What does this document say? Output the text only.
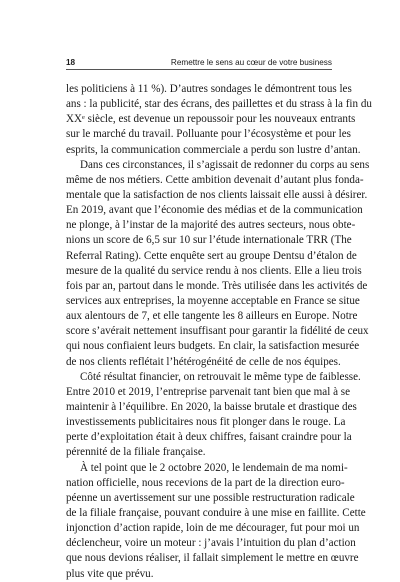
18	Remettre le sens au cœur de votre business
les politiciens à 11 %). D’autres sondages le démontrent tous les
ans : la publicité, star des écrans, des paillettes et du strass à la fin du
XXᵉ siècle, est devenue un repoussoir pour les nouveaux entrants
sur le marché du travail. Polluante pour l’écosystème et pour les
esprits, la communication commerciale a perdu son lustre d’antan.
Dans ces circonstances, il s’agissait de redonner du corps au sens
même de nos métiers. Cette ambition devenait d’autant plus fonda-
mentale que la satisfaction de nos clients laissait elle aussi à désirer.
En 2019, avant que l’économie des médias et de la communication
ne plonge, à l’instar de la majorité des autres secteurs, nous obte-
nions un score de 6,5 sur 10 sur l’étude internationale TRR (The
Referral Rating). Cette enquête sert au groupe Dentsu d’étalon de
mesure de la qualité du service rendu à nos clients. Elle a lieu trois
fois par an, partout dans le monde. Très utilisée dans les activités de
services aux entreprises, la moyenne acceptable en France se situe
aux alentours de 7, et elle tangente les 8 ailleurs en Europe. Notre
score s’avérait nettement insuffisant pour garantir la fidélité de ceux
qui nous confiaient leurs budgets. En clair, la satisfaction mesurée
de nos clients reflétait l’hétérogénéité de celle de nos équipes.
Côté résultat financier, on retrouvait le même type de faiblesse.
Entre 2010 et 2019, l’entreprise parvenait tant bien que mal à se
maintenir à l’équilibre. En 2020, la baisse brutale et drastique des
investissements publicitaires nous fit plonger dans le rouge. La
perte d’exploitation était à deux chiffres, faisant craindre pour la
pérennité de la filiale française.
À tel point que le 2 octobre 2020, le lendemain de ma nomi-
nation officielle, nous recevions de la part de la direction euro-
péenne un avertissement sur une possible restructuration radicale
de la filiale française, pouvant conduire à une mise en faillite. Cette
injonction d’action rapide, loin de me décourager, fut pour moi un
déclencheur, voire un moteur : j’avais l’intuition du plan d’action
que nous devions réaliser, il fallait simplement le mettre en œuvre
plus vite que prévu.
